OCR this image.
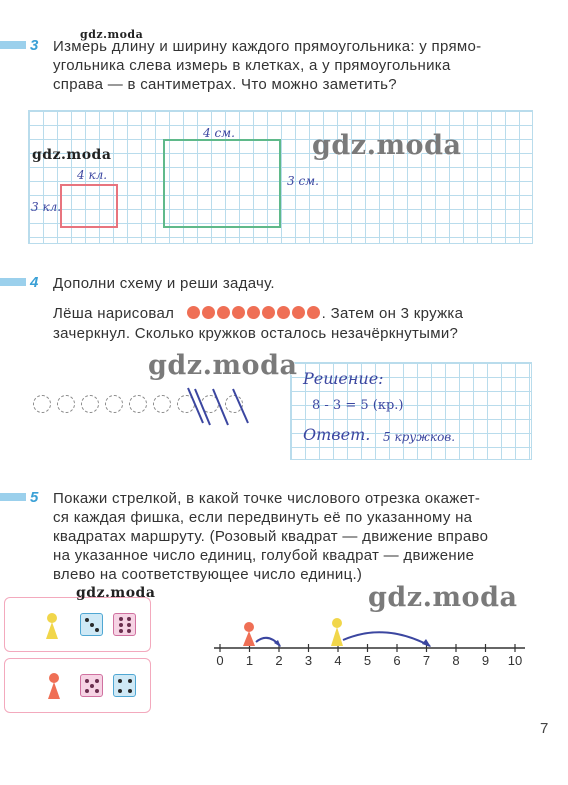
3 Измерь длину и ширину каждого прямоугольника: у прямо-
угольника слева измерь в клетках, а у прямоугольника
справа — в сантиметрах. Что можно заметить?
4 кл.
3 кл.
4 см.
3 см.
gdz.moda
gdz.moda
gdz.moda
4 Дополни схему и реши задачу.
Лёша нарисовал	. Затем он 3 кружка
зачеркнул. Сколько кружков осталось незачёркнутыми?
Решение:
8 - 3 = 5 (кр.)
Ответ. 5 кружков.
gdz.moda
5 Покажи стрелкой, в какой точке числового отрезка окажет-
ся каждая фишка, если передвинуть её по указанному на
квадратах маршруту. (Розовый квадрат — движение вправо
на указанное число единиц, голубой квадрат — движение
влево на соответствующее число единиц.)
0	1	2	3	4	5	6	7	8	9	10
gdz.moda	gdz.moda
7
